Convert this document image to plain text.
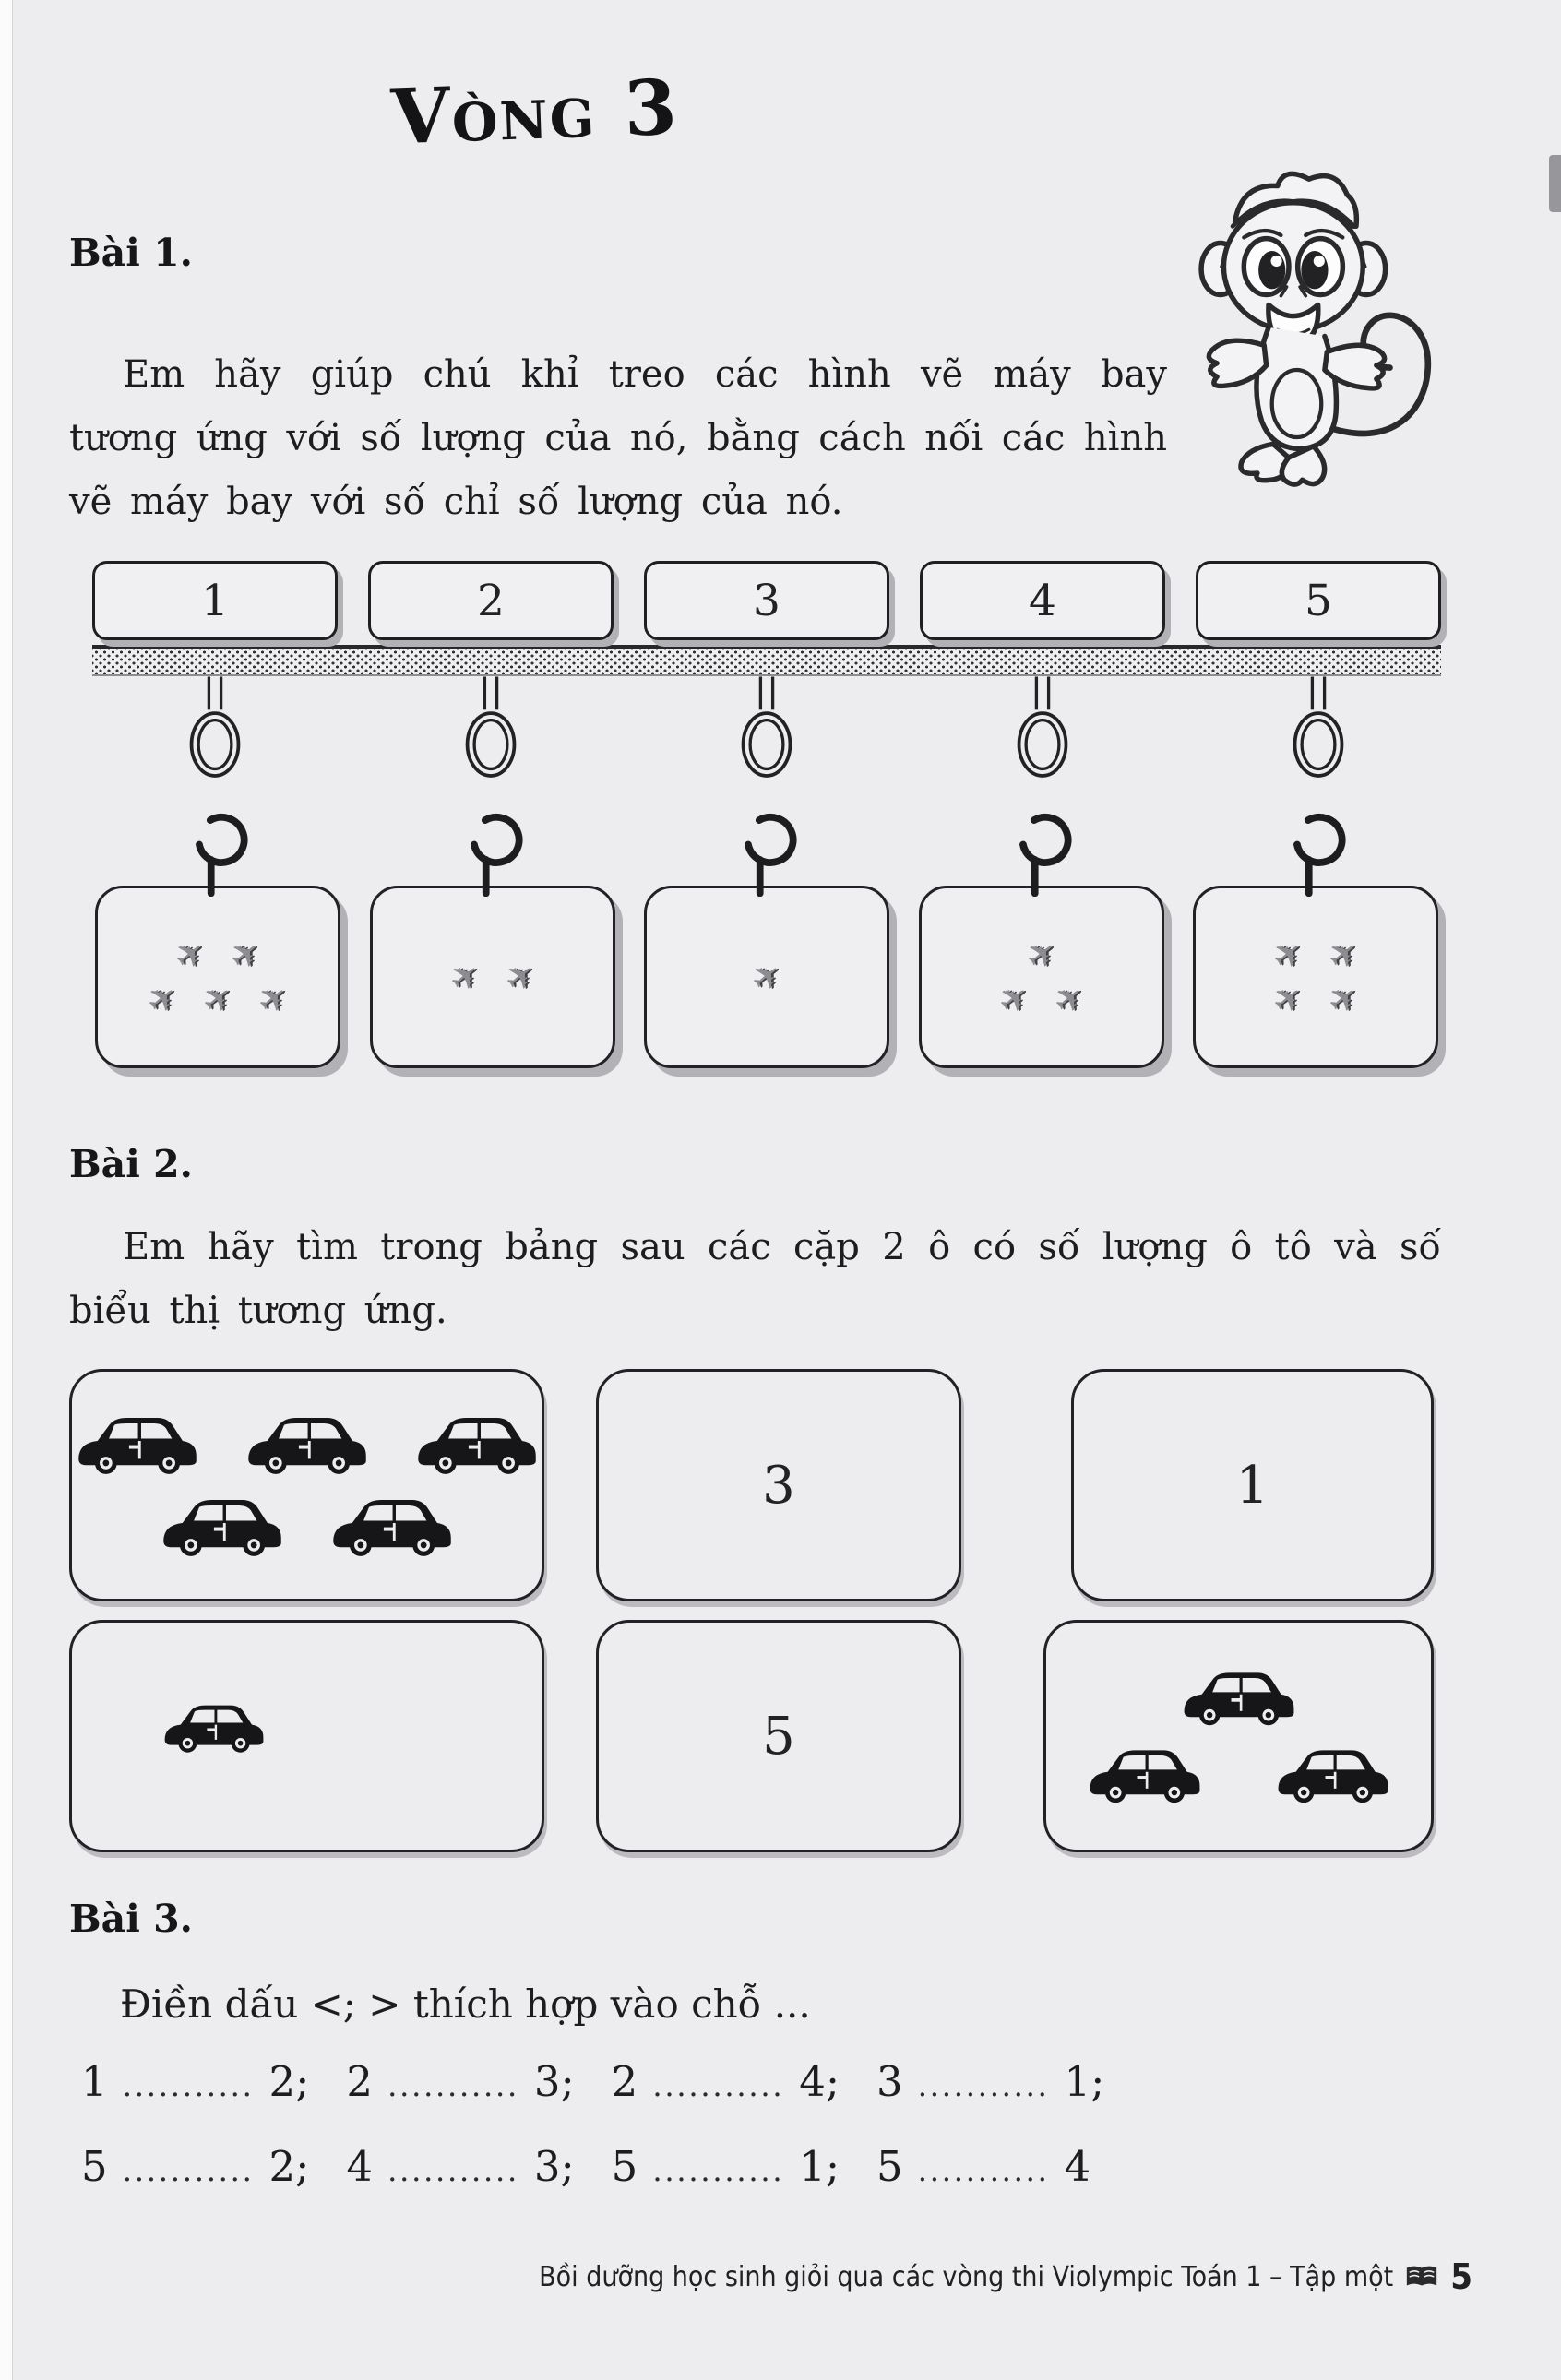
Vòng 3
Bài 1.
Em hãy giúp chú khỉ treo các hình vẽ máy bay tương ứng với số lượng của nó, bằng cách nối các hình vẽ máy bay với số chỉ số lượng của nó.
1	2	3	4	5
✈ ✈
✈ ✈ ✈	✈ ✈	✈	✈
✈ ✈
✈ ✈
✈ ✈
Bài 2.
Em hãy tìm trong bảng sau các cặp 2 ô có số lượng ô tô và số biểu thị tương ứng.
3	1
5
Bài 3.
Điền dấu <; > thích hợp vào chỗ ...
1 ........... 2; 2 ........... 3; 2 ........... 4; 3 ........... 1;
5 ........... 2; 4 ........... 3; 5 ........... 1; 5 ........... 4
Bồi dưỡng học sinh giỏi qua các vòng thi Violympic Toán 1 – Tập một 5
